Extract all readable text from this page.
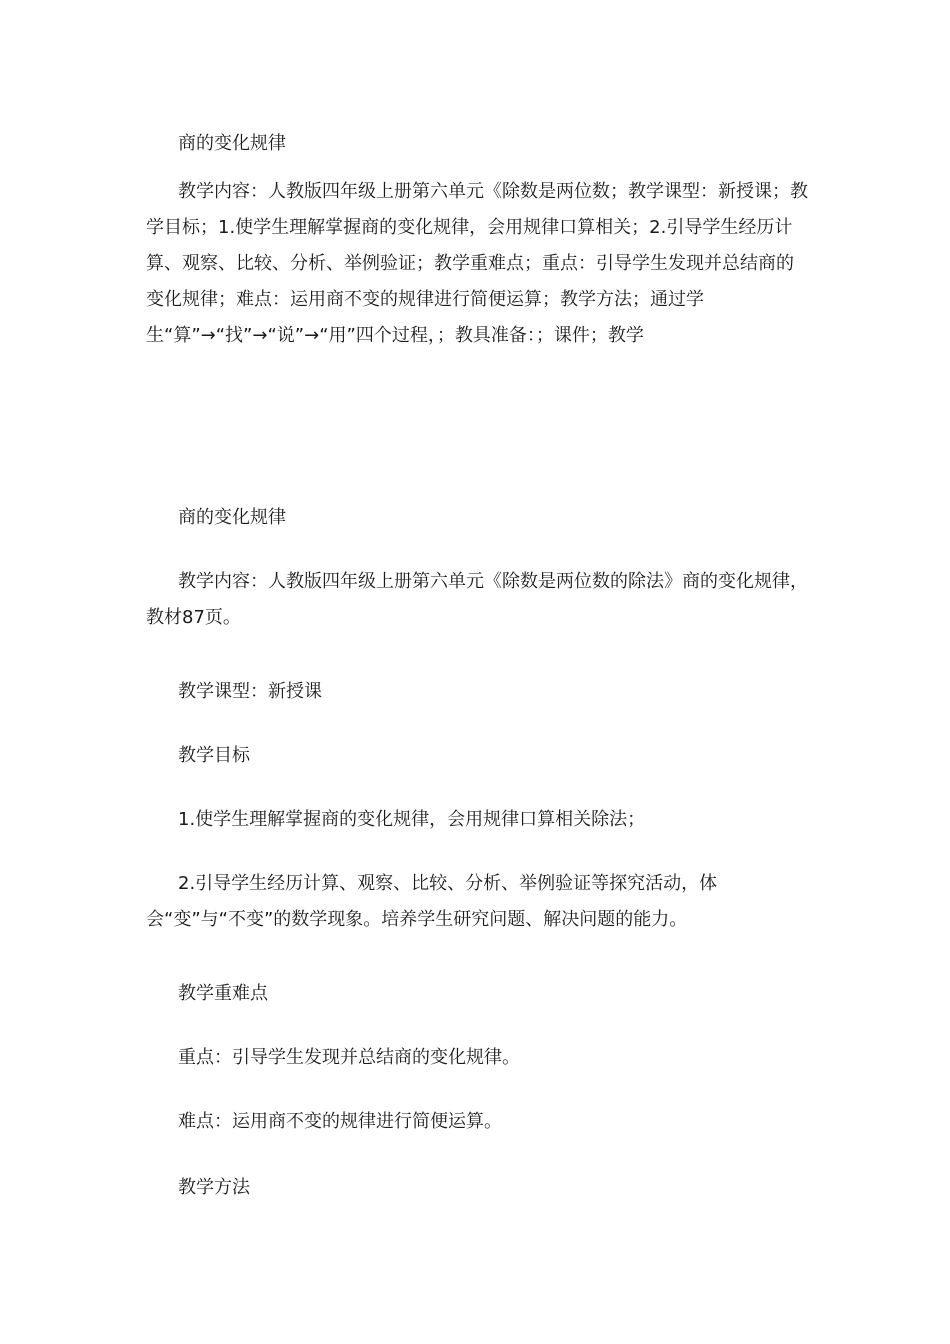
商的变化规律
教学内容：人教版四年级上册第六单元《除数是两位数；教学课型：新授课；教学目标；1.使学生理解掌握商的变化规律，会用规律口算相关；2.引导学生经历计算、观察、比较、分析、举例验证；教学重难点；重点：引导学生发现并总结商的变化规律；难点：运用商不变的规律进行简便运算；教学方法；通过学生“算”→“找”→“说”→“用”四个过程，；教具准备：；课件；教学
商的变化规律
教学内容：人教版四年级上册第六单元《除数是两位数的除法》商的变化规律，教材87页。
教学课型：新授课
教学目标
1.使学生理解掌握商的变化规律，会用规律口算相关除法；
2.引导学生经历计算、观察、比较、分析、举例验证等探究活动，体会“变”与“不变”的数学现象。培养学生研究问题、解决问题的能力。
教学重难点
重点：引导学生发现并总结商的变化规律。
难点：运用商不变的规律进行简便运算。
教学方法
